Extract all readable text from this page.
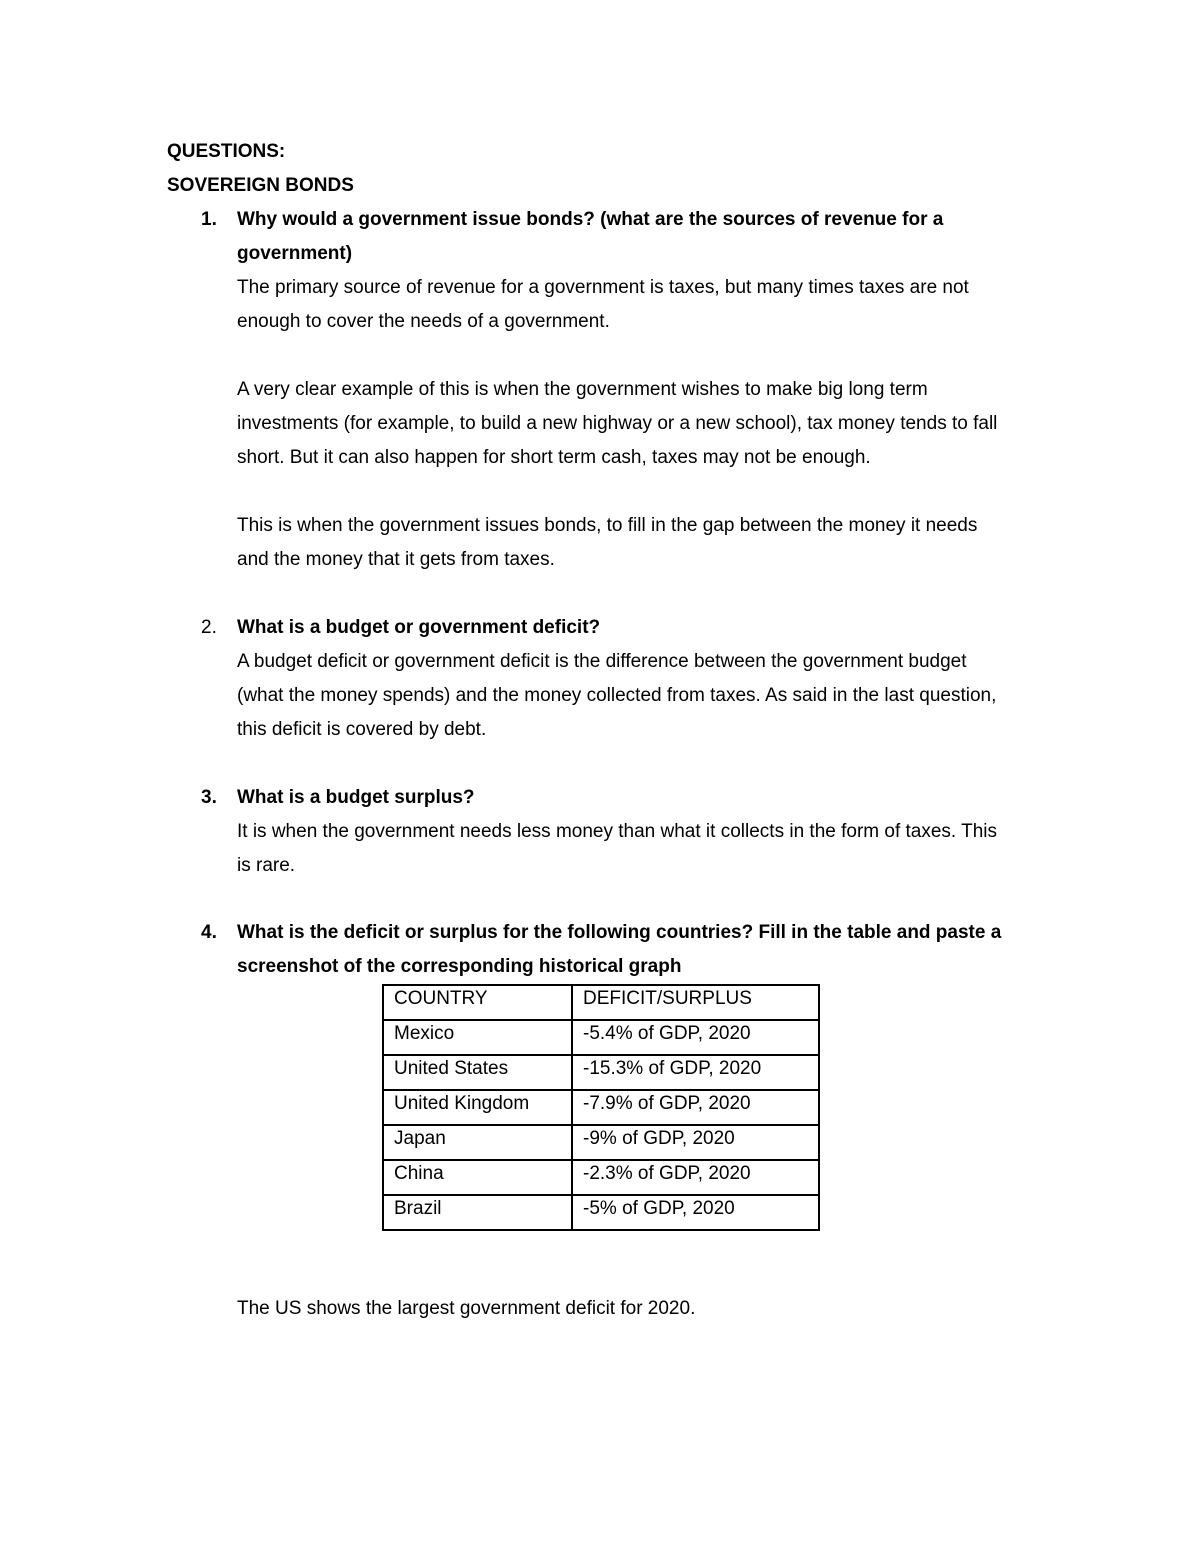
QUESTIONS:
SOVEREIGN BONDS
1. Why would a government issue bonds? (what are the sources of revenue for a
government)
The primary source of revenue for a government is taxes, but many times taxes are not
enough to cover the needs of a government.
A very clear example of this is when the government wishes to make big long term
investments (for example, to build a new highway or a new school), tax money tends to fall
short. But it can also happen for short term cash, taxes may not be enough.
This is when the government issues bonds, to fill in the gap between the money it needs
and the money that it gets from taxes.
2. What is a budget or government deficit?
A budget deficit or government deficit is the difference between the government budget
(what the money spends) and the money collected from taxes. As said in the last question,
this deficit is covered by debt.
3. What is a budget surplus?
It is when the government needs less money than what it collects in the form of taxes. This
is rare.
4. What is the deficit or surplus for the following countries? Fill in the table and paste a
screenshot of the corresponding historical graph
COUNTRY	DEFICIT/SURPLUS
Mexico	-5.4% of GDP, 2020
United States	-15.3% of GDP, 2020
United Kingdom	-7.9% of GDP, 2020
Japan	-9% of GDP, 2020
China	-2.3% of GDP, 2020
Brazil	-5% of GDP, 2020
The US shows the largest government deficit for 2020.
